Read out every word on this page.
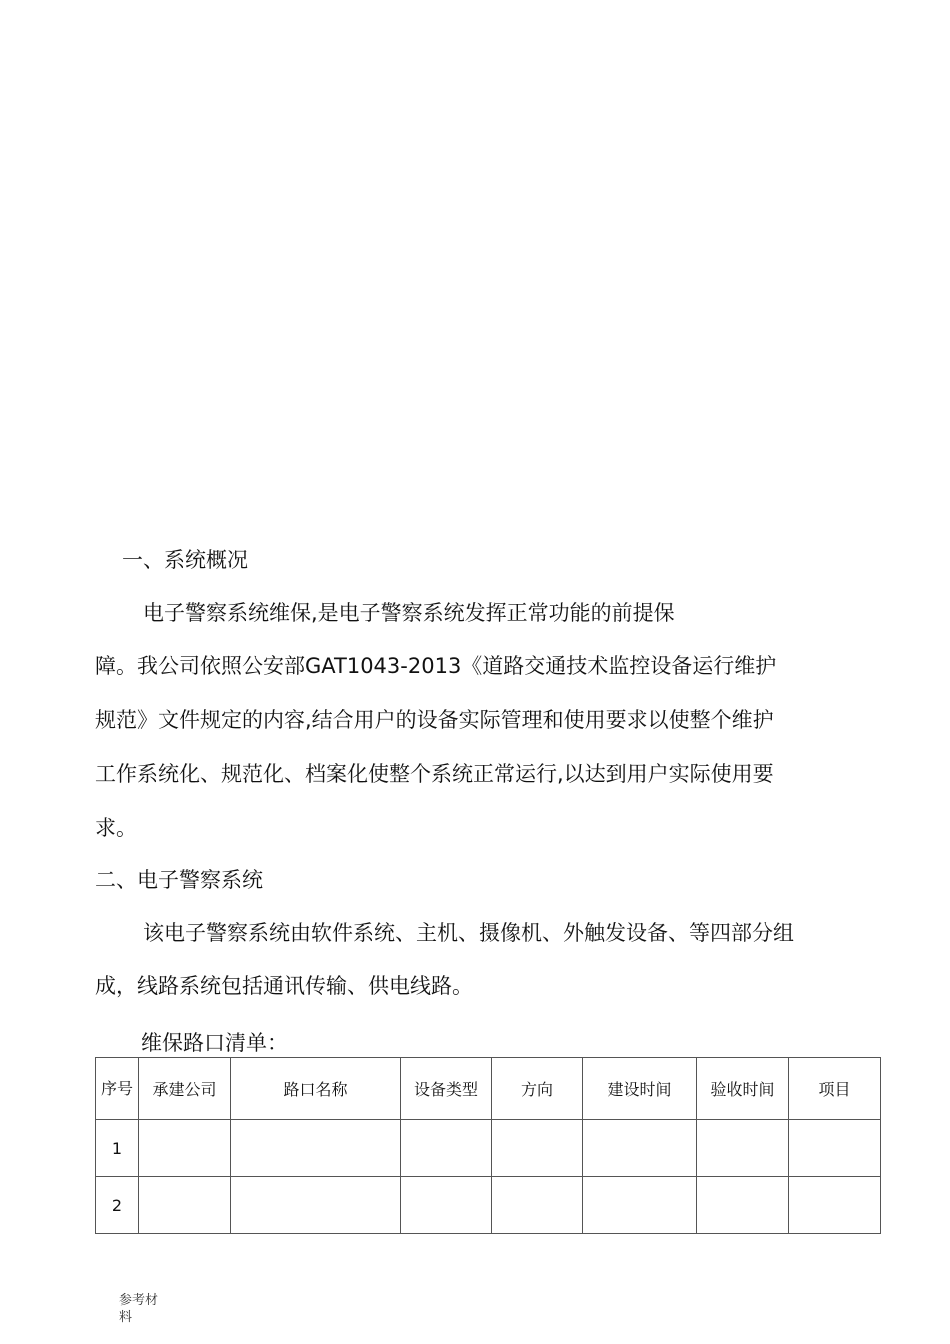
一、系统概况

电子警察系统维保,是电子警察系统发挥正常功能的前提保

障。我公司依照公安部GAT1043-2013《道路交通技术监控设备运行维护

规范》文件规定的内容,结合用户的设备实际管理和使用要求以使整个维护

工作系统化、规范化、档案化使整个系统正常运行,以达到用户实际使用要

求。

二、电子警察系统

该电子警察系统由软件系统、主机、摄像机、外触发设备、等四部分组

成，线路系统包括通讯传输、供电线路。

维保路口清单：

序号	承建公司	路口名称	设备类型	方向	建设时间	验收时间	项目
1							
2							
参考材料
